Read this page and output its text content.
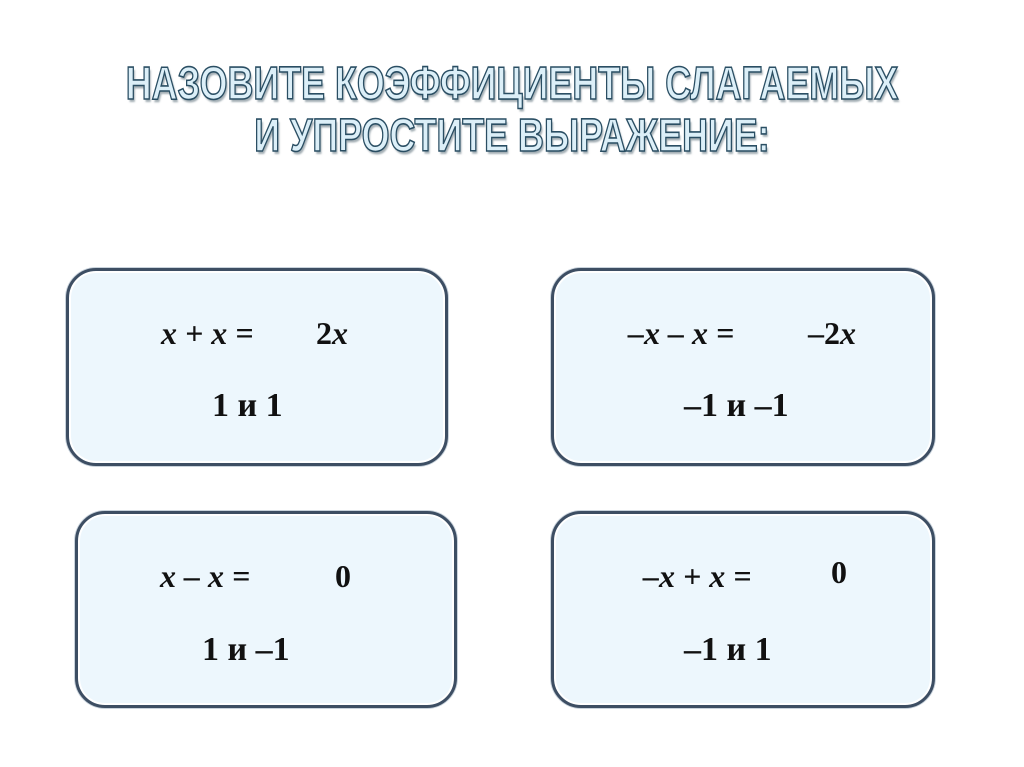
НАЗОВИТЕ КОЭФФИЦИЕНТЫ СЛАГАЕМЫХ
И УПРОСТИТЕ ВЫРАЖЕНИЕ:
x + x = 2x
1 и 1
–x – x = –2x
–1 и –1
x – x =	0
1 и –1
–x + x = 0
–1 и 1
